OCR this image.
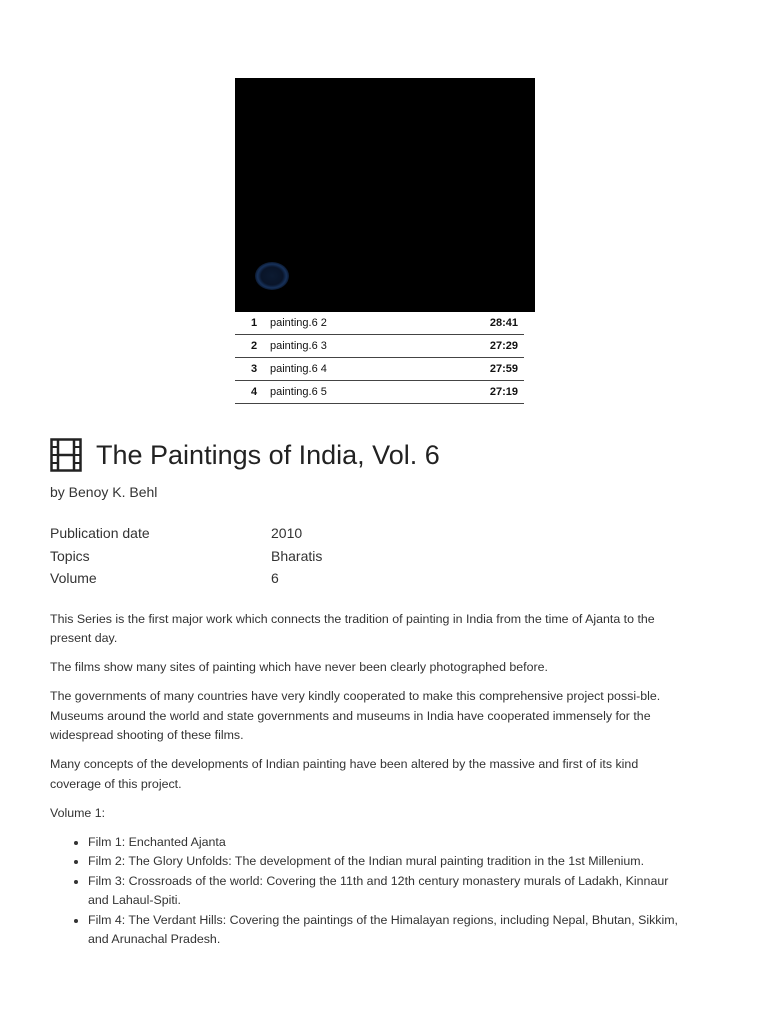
1	painting.6 2	28:41
2	painting.6 3	27:29
3	painting.6 4	27:59
4	painting.6 5	27:19
The Paintings of India, Vol. 6
by Benoy K. Behl
Publication date	2010
Topics	Bharatis
Volume	6

This Series is the first major work which connects the tradition of painting in India from the time of Ajanta to the present day.

The films show many sites of painting which have never been clearly photographed before.

The governments of many countries have very kindly cooperated to make this comprehensive project possi-ble. Museums around the world and state governments and museums in India have cooperated immensely for the widespread shooting of these films.

Many concepts of the developments of Indian painting have been altered by the massive and first of its kind coverage of this project.

Volume 1:

• Film 1: Enchanted Ajanta
• Film 2: The Glory Unfolds: The development of the Indian mural painting tradition in the 1st Millenium.
• Film 3: Crossroads of the world: Covering the 11th and 12th century monastery murals of Ladakh, Kinnaur and Lahaul-Spiti.
• Film 4: The Verdant Hills: Covering the paintings of the Himalayan regions, including Nepal, Bhutan, Sikkim, and Arunachal Pradesh.
